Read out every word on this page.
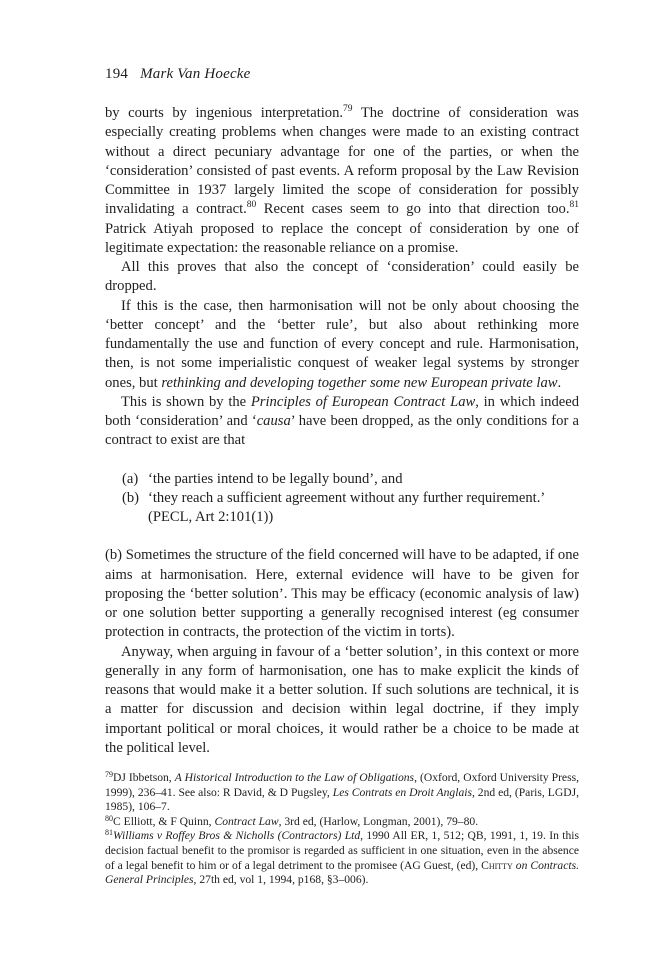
194 Mark Van Hoecke

by courts by ingenious interpretation.$^{79}$ The doctrine of consideration was especially creating problems when changes were made to an existing contract without a direct pecuniary advantage for one of the parties, or when the ‘consideration’ consisted of past events. A reform proposal by the Law Revision Committee in 1937 largely limited the scope of consideration for possibly invalidating a contract.$^{80}$ Recent cases seem to go into that direction too.$^{81}$ Patrick Atiyah proposed to replace the concept of consideration by one of legitimate expectation: the reasonable reliance on a promise.

All this proves that also the concept of ‘consideration’ could easily be dropped.

If this is the case, then harmonisation will not be only about choosing the ‘better concept’ and the ‘better rule’, but also about rethinking more fundamentally the use and function of every concept and rule. Harmonisation, then, is not some imperialistic conquest of weaker legal systems by stronger ones, but rethinking and developing together some new European private law.

This is shown by the Principles of European Contract Law, in which indeed both ‘consideration’ and ‘causa’ have been dropped, as the only conditions for a contract to exist are that

(a) ‘the parties intend to be legally bound’, and
(b) ‘they reach a sufficient agreement without any further requirement.’ (PECL, Art 2:101(1))

(b) Sometimes the structure of the field concerned will have to be adapted, if one aims at harmonisation. Here, external evidence will have to be given for proposing the ‘better solution’. This may be efficacy (economic analysis of law) or one solution better supporting a generally recognised interest (eg consumer protection in contracts, the protection of the victim in torts).

Anyway, when arguing in favour of a ‘better solution’, in this context or more generally in any form of harmonisation, one has to make explicit the kinds of reasons that would make it a better solution. If such solutions are technical, it is a matter for discussion and decision within legal doctrine, if they imply important political or moral choices, it would rather be a choice to be made at the political level.

$^{79}$DJ Ibbetson, A Historical Introduction to the Law of Obligations, (Oxford, Oxford University Press, 1999), 236–41. See also: R David, & D Pugsley, Les Contrats en Droit Anglais, 2nd ed, (Paris, LGDJ, 1985), 106–7.

$^{80}$C Elliott, & F Quinn, Contract Law, 3rd ed, (Harlow, Longman, 2001), 79–80.

$^{81}$Williams v Roffey Bros & Nicholls (Contractors) Ltd, 1990 All ER, 1, 512; QB, 1991, 1, 19. In this decision factual benefit to the promisor is regarded as sufficient in one situation, even in the absence of a legal benefit to him or of a legal detriment to the promisee (AG Guest, (ed), Chitty on Contracts. General Principles, 27th ed, vol 1, 1994, p168, §3–006).
